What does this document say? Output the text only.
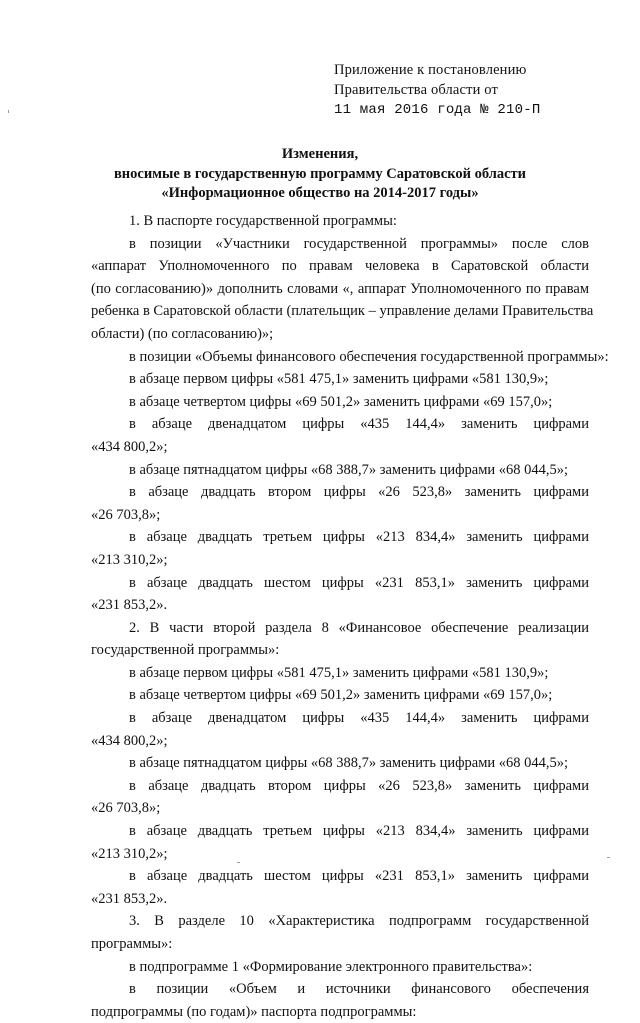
Приложение к постановлению
Правительства области от
11 мая 2016 года № 210-П
Изменения,
вносимые в государственную программу Саратовской области
«Информационное общество на 2014-2017 годы»
1. В паспорте государственной программы:
в позиции «Участники государственной программы» после слов
«аппарат Уполномоченного по правам человека в Саратовской области
(по согласованию)» дополнить словами «, аппарат Уполномоченного по правам
ребенка в Саратовской области (плательщик – управление делами Правительства
области) (по согласованию)»;
в позиции «Объемы финансового обеспечения государственной программы»:
в абзаце первом цифры «581 475,1» заменить цифрами «581 130,9»;
в абзаце четвертом цифры «69 501,2» заменить цифрами «69 157,0»;
в абзаце двенадцатом цифры «435 144,4» заменить цифрами
«434 800,2»;
в абзаце пятнадцатом цифры «68 388,7» заменить цифрами «68 044,5»;
в абзаце двадцать втором цифры «26 523,8» заменить цифрами
«26 703,8»;
в абзаце двадцать третьем цифры «213 834,4» заменить цифрами
«213 310,2»;
в абзаце двадцать шестом цифры «231 853,1» заменить цифрами
«231 853,2».
2. В части второй раздела 8 «Финансовое обеспечение реализации
государственной программы»:
в абзаце первом цифры «581 475,1» заменить цифрами «581 130,9»;
в абзаце четвертом цифры «69 501,2» заменить цифрами «69 157,0»;
в абзаце двенадцатом цифры «435 144,4» заменить цифрами
«434 800,2»;
в абзаце пятнадцатом цифры «68 388,7» заменить цифрами «68 044,5»;
в абзаце двадцать втором цифры «26 523,8» заменить цифрами
«26 703,8»;
в абзаце двадцать третьем цифры «213 834,4» заменить цифрами
«213 310,2»;
в абзаце двадцать шестом цифры «231 853,1» заменить цифрами
«231 853,2».
3. В разделе 10 «Характеристика подпрограмм государственной
программы»:
в подпрограмме 1 «Формирование электронного правительства»:
в позиции «Объем и источники финансового обеспечения
подпрограммы (по годам)» паспорта подпрограммы:
